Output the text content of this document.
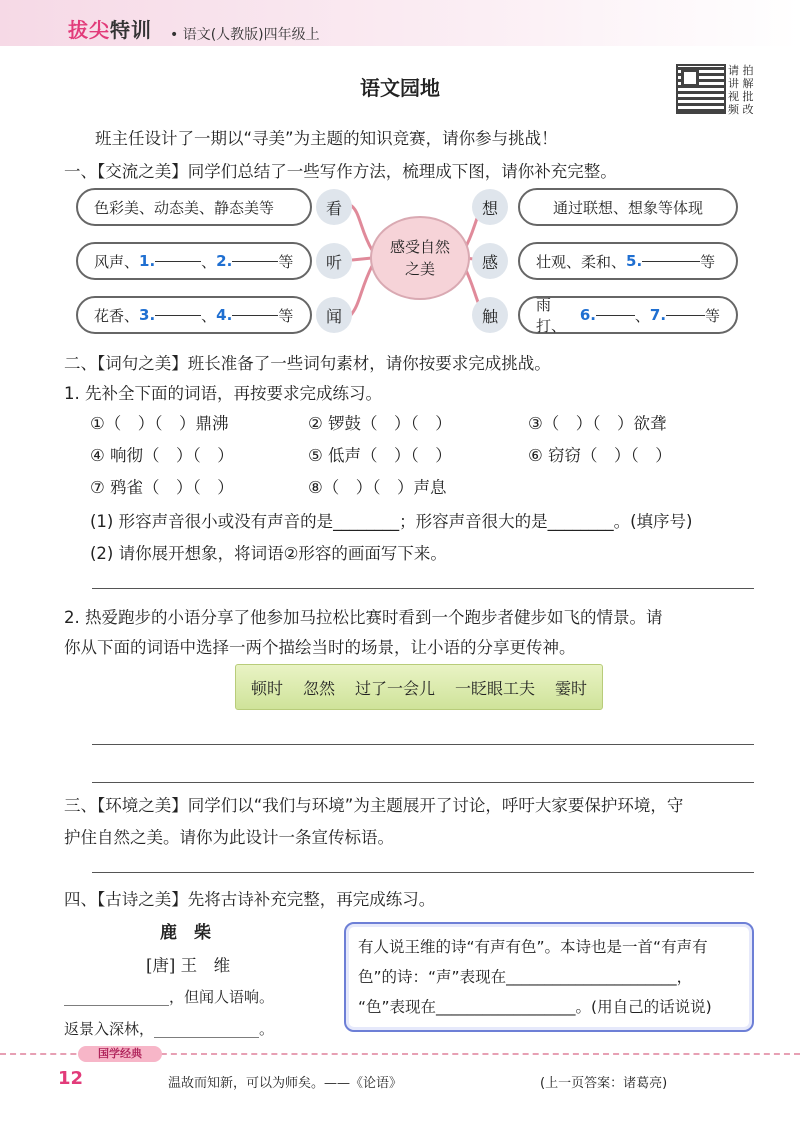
拔尖特训 • 语文(人教版)四年级上
语文园地
请 拍
讲 解
视 批
频 改
班主任设计了一期以“寻美”为主题的知识竞赛，请你参与挑战！
一、【交流之美】同学们总结了一些写作方法，梳理成下图，请你补充完整。
色彩美、动态美、静态美等
风声、 1.	、 2.	等
花香、 3.	、 4.	等
看
听
闻
感受自然之美
想
感
触
通过联想、想象等体现
壮观、柔和、 5.	等
雨打、
6.	、 7.	等
二、【词句之美】班长准备了一些词句素材，请你按要求完成挑战。
1. 先补全下面的词语，再按要求完成练习。
①（　）（　）鼎沸	② 锣鼓（　）（　）	③（　）（　）欲聋
④ 响彻（　）（　）	⑤ 低声（　）（　）	⑥ 窃窃（　）（　）
⑦ 鸦雀（　）（　）	⑧（　）（　）声息
(1) 形容声音很小或没有声音的是________；形容声音很大的是________。(填序号)
(2) 请你展开想象，将词语②形容的画面写下来。
2. 热爱跑步的小语分享了他参加马拉松比赛时看到一个跑步者健步如飞的情景。请
你从下面的词语中选择一两个描绘当时的场景，让小语的分享更传神。
顿时 忽然 过了一会儿 一眨眼工夫 霎时
三、【环境之美】同学们以“我们与环境”为主题展开了讨论，呼吁大家要保护环境，守
护住自然之美。请你为此设计一条宣传标语。
四、【古诗之美】先将古诗补充完整，再完成练习。
鹿　柴
[唐] 王　维
______________，但闻人语响。
返景入深林，______________。
有人说王维的诗“有声有色”。本诗也是一首“有声有
色”的诗：“声”表现在______________________，
“色”表现在__________________。(用自己的话说说)
国学经典
12	温故而知新，可以为师矣。——《论语》	(上一页答案：诸葛亮)
